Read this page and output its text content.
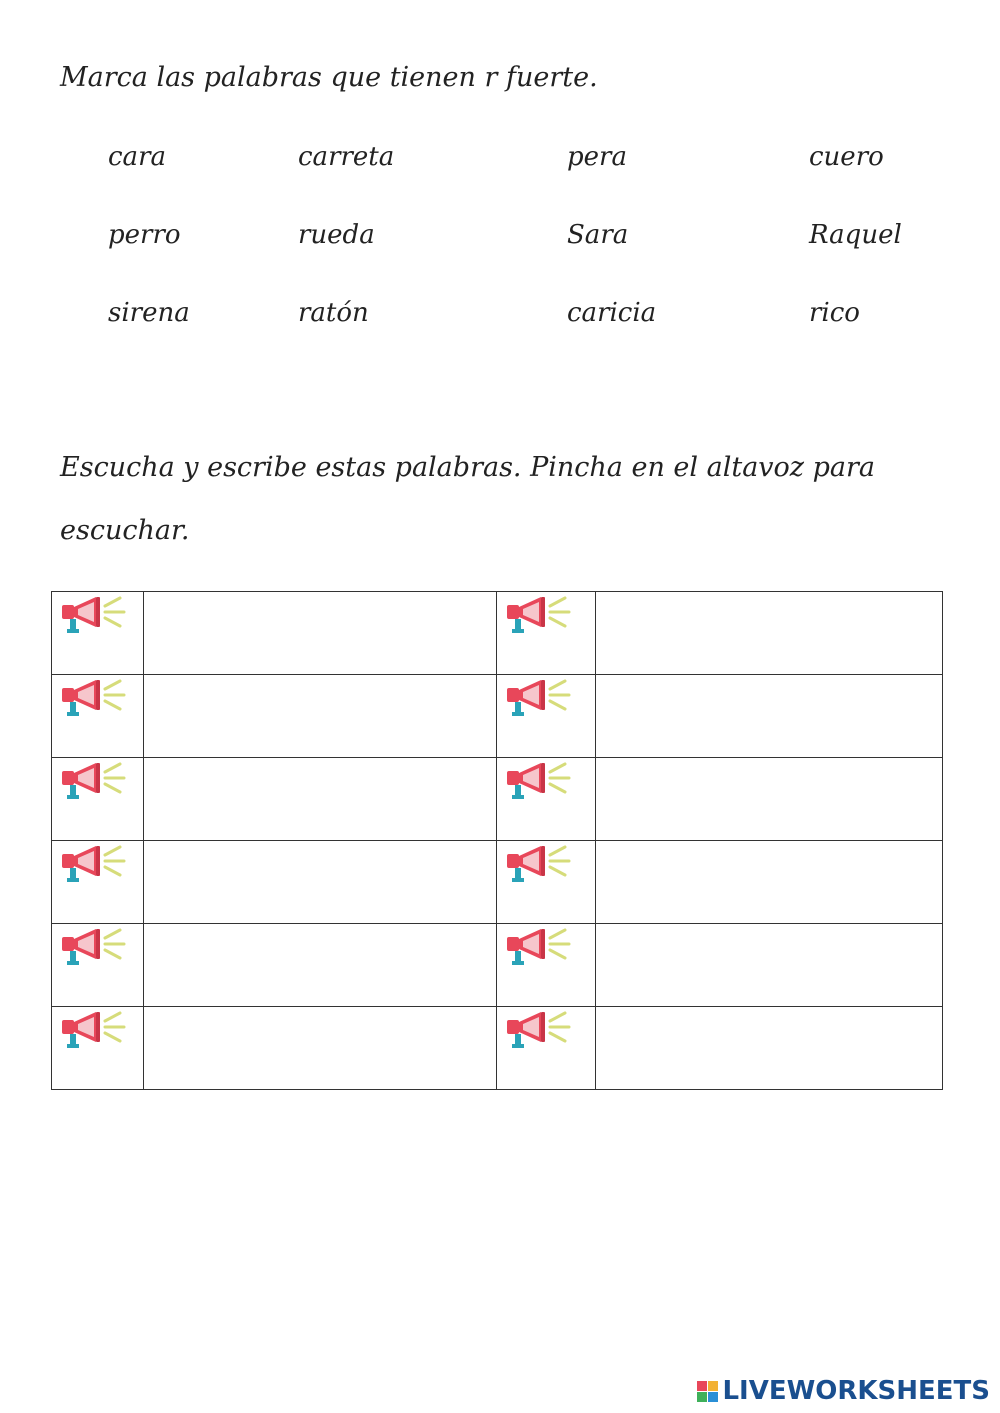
Marca las palabras que tienen r fuerte.
cara	carreta	pera	cuero
perro	rueda	Sara	Raquel
sirena	ratón	caricia	rico
Escucha y escribe estas palabras. Pincha en el altavoz para
escuchar.

LIVEWORKSHEETS
